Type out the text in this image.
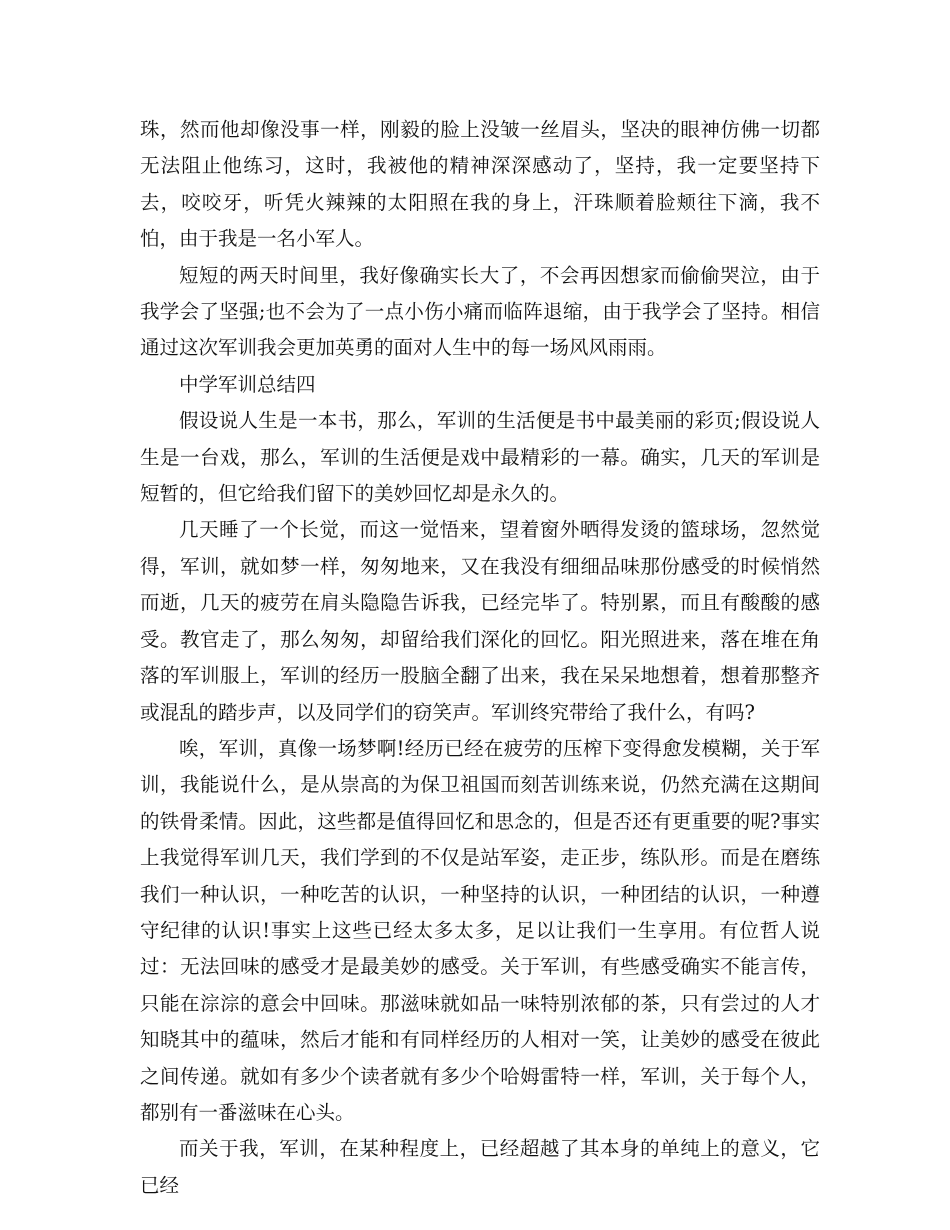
珠，然而他却像没事一样，刚毅的脸上没皱一丝眉头，坚决的眼神仿佛一切都无法阻止他练习，这时，我被他的精神深深感动了，坚持，我一定要坚持下去，咬咬牙，听凭火辣辣的太阳照在我的身上，汗珠顺着脸颊往下滴，我不怕，由于我是一名小军人。

短短的两天时间里，我好像确实长大了，不会再因想家而偷偷哭泣，由于我学会了坚强;也不会为了一点小伤小痛而临阵退缩，由于我学会了坚持。相信通过这次军训我会更加英勇的面对人生中的每一场风风雨雨。

中学军训总结四

假设说人生是一本书，那么，军训的生活便是书中最美丽的彩页;假设说人生是一台戏，那么，军训的生活便是戏中最精彩的一幕。确实，几天的军训是短暂的，但它给我们留下的美妙回忆却是永久的。

几天睡了一个长觉，而这一觉悟来，望着窗外晒得发烫的篮球场，忽然觉得，军训，就如梦一样，匆匆地来，又在我没有细细品味那份感受的时候悄然而逝，几天的疲劳在肩头隐隐告诉我，已经完毕了。特别累，而且有酸酸的感受。教官走了，那么匆匆，却留给我们深化的回忆。阳光照进来，落在堆在角落的军训服上，军训的经历一股脑全翻了出来，我在呆呆地想着，想着那整齐或混乱的踏步声，以及同学们的窃笑声。军训终究带给了我什么，有吗?

唉，军训，真像一场梦啊!经历已经在疲劳的压榨下变得愈发模糊，关于军训，我能说什么，是从崇高的为保卫祖国而刻苦训练来说，仍然充满在这期间的铁骨柔情。因此，这些都是值得回忆和思念的，但是否还有更重要的呢?事实上我觉得军训几天，我们学到的不仅是站军姿，走正步，练队形。而是在磨练我们一种认识，一种吃苦的认识，一种坚持的认识，一种团结的认识，一种遵守纪律的认识!事实上这些已经太多太多，足以让我们一生享用。有位哲人说过：无法回味的感受才是最美妙的感受。关于军训，有些感受确实不能言传，只能在淙淙的意会中回味。那滋味就如品一味特别浓郁的茶，只有尝过的人才知晓其中的蕴味，然后才能和有同样经历的人相对一笑，让美妙的感受在彼此之间传递。就如有多少个读者就有多少个哈姆雷特一样，军训，关于每个人，都别有一番滋味在心头。

而关于我，军训，在某种程度上，已经超越了其本身的单纯上的意义，它已经
